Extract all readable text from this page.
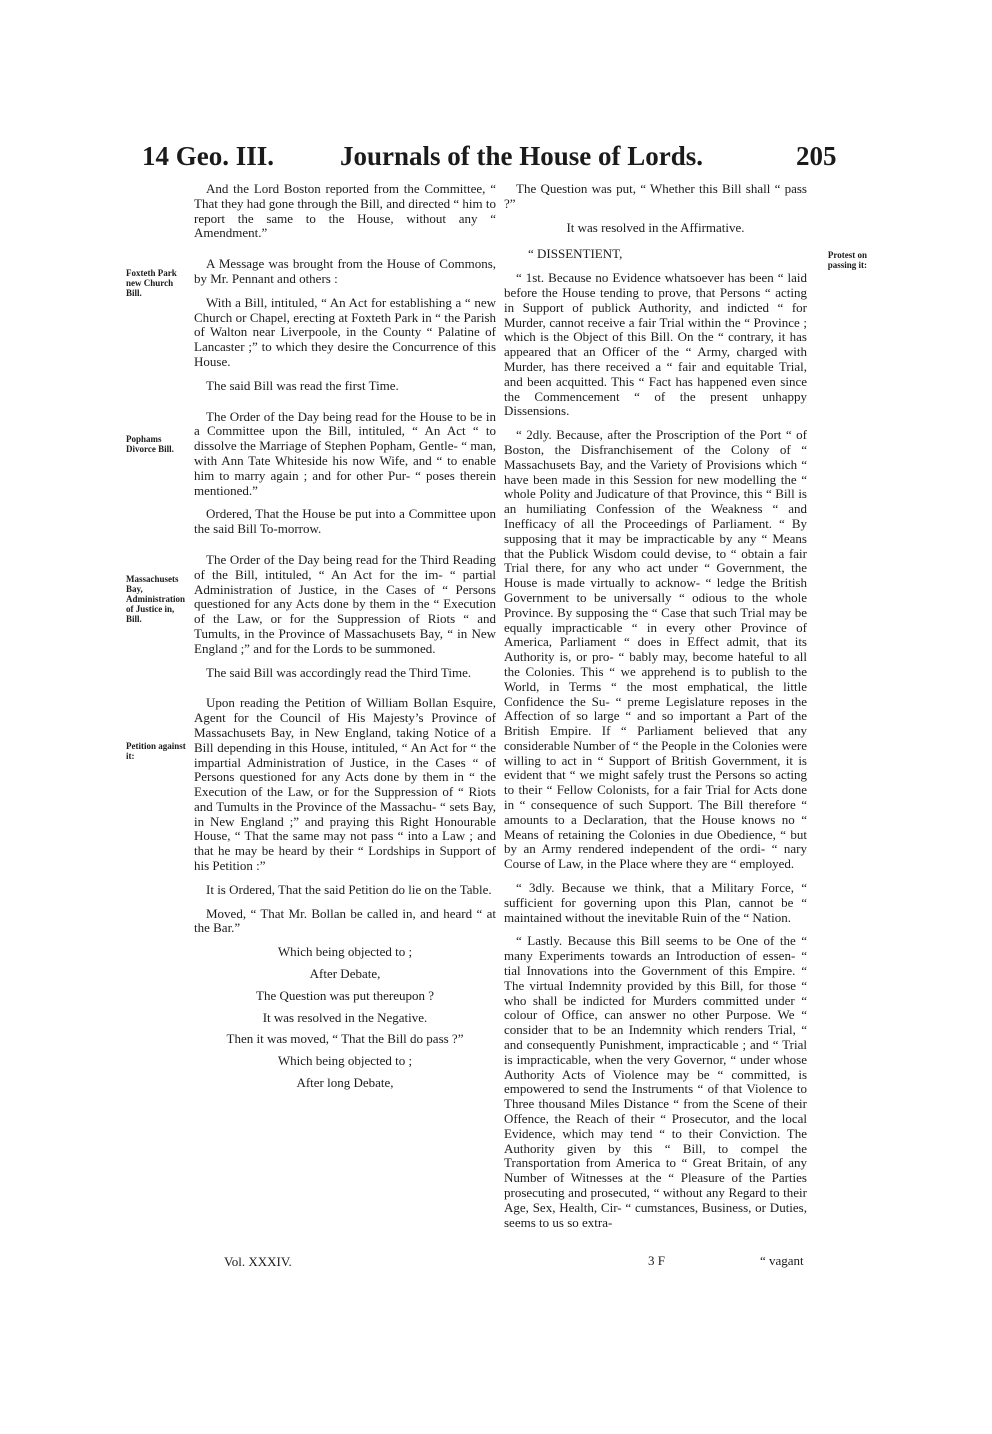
14 Geo. III. Journals of the House of Lords.	205
Foxteth Park new Church Bill.
Pophams Divorce Bill.
Massachusets Bay, Administration of Justice in, Bill.
Petition against it:
Protest on passing it:

And the Lord Boston reported from the Committee, “ That they had gone through the Bill, and directed “ him to report the same to the House, without any “ Amendment.”

A Message was brought from the House of Commons, by Mr. Pennant and others :

With a Bill, intituled, “ An Act for establishing a “ new Church or Chapel, erecting at Foxteth Park in “ the Parish of Walton near Liverpoole, in the County “ Palatine of Lancaster ;” to which they desire the Concurrence of this House.

The said Bill was read the first Time.

The Order of the Day being read for the House to be in a Committee upon the Bill, intituled, “ An Act “ to dissolve the Marriage of Stephen Popham, Gentle- “ man, with Ann Tate Whiteside his now Wife, and “ to enable him to marry again ; and for other Pur- “ poses therein mentioned.”

Ordered, That the House be put into a Committee upon the said Bill To-morrow.

The Order of the Day being read for the Third Reading of the Bill, intituled, “ An Act for the im- “ partial Administration of Justice, in the Cases of “ Persons questioned for any Acts done by them in the “ Execution of the Law, or for the Suppression of Riots “ and Tumults, in the Province of Massachusets Bay, “ in New England ;” and for the Lords to be summoned.

The said Bill was accordingly read the Third Time.

Upon reading the Petition of William Bollan Esquire, Agent for the Council of His Majesty’s Province of Massachusets Bay, in New England, taking Notice of a Bill depending in this House, intituled, “ An Act for “ the impartial Administration of Justice, in the Cases “ of Persons questioned for any Acts done by them in “ the Execution of the Law, or for the Suppression of “ Riots and Tumults in the Province of the Massachu- “ sets Bay, in New England ;” and praying this Right Honourable House, “ That the same may not pass “ into a Law ; and that he may be heard by their “ Lordships in Support of his Petition :”

It is Ordered, That the said Petition do lie on the Table.

Moved, “ That Mr. Bollan be called in, and heard “ at the Bar.”

Which being objected to ;

After Debate,

The Question was put thereupon ?

It was resolved in the Negative.

Then it was moved, “ That the Bill do pass ?”

Which being objected to ;

After long Debate,

The Question was put, “ Whether this Bill shall “ pass ?”

It was resolved in the Affirmative.

“ DISSENTIENT,

“ 1st. Because no Evidence whatsoever has been “ laid before the House tending to prove, that Persons “ acting in Support of publick Authority, and indicted “ for Murder, cannot receive a fair Trial within the “ Province ; which is the Object of this Bill. On the “ contrary, it has appeared that an Officer of the “ Army, charged with Murder, has there received a “ fair and equitable Trial, and been acquitted. This “ Fact has happened even since the Commencement “ of the present unhappy Dissensions.

“ 2dly. Because, after the Proscription of the Port “ of Boston, the Disfranchisement of the Colony of “ Massachusets Bay, and the Variety of Provisions which “ have been made in this Session for new modelling the “ whole Polity and Judicature of that Province, this “ Bill is an humiliating Confession of the Weakness “ and Inefficacy of all the Proceedings of Parliament. “ By supposing that it may be impracticable by any “ Means that the Publick Wisdom could devise, to “ obtain a fair Trial there, for any who act under “ Government, the House is made virtually to acknow- “ ledge the British Government to be universally “ odious to the whole Province. By supposing the “ Case that such Trial may be equally impracticable “ in every other Province of America, Parliament “ does in Effect admit, that its Authority is, or pro- “ bably may, become hateful to all the Colonies. This “ we apprehend is to publish to the World, in Terms “ the most emphatical, the little Confidence the Su- “ preme Legislature reposes in the Affection of so large “ and so important a Part of the British Empire. If “ Parliament believed that any considerable Number of “ the People in the Colonies were willing to act in “ Support of British Government, it is evident that “ we might safely trust the Persons so acting to their “ Fellow Colonists, for a fair Trial for Acts done in “ consequence of such Support. The Bill therefore “ amounts to a Declaration, that the House knows no “ Means of retaining the Colonies in due Obedience, “ but by an Army rendered independent of the ordi- “ nary Course of Law, in the Place where they are “ employed.

“ 3dly. Because we think, that a Military Force, “ sufficient for governing upon this Plan, cannot be “ maintained without the inevitable Ruin of the “ Nation.

“ Lastly. Because this Bill seems to be One of the “ many Experiments towards an Introduction of essen- “ tial Innovations into the Government of this Empire. “ The virtual Indemnity provided by this Bill, for those “ who shall be indicted for Murders committed under “ colour of Office, can answer no other Purpose. We “ consider that to be an Indemnity which renders Trial, “ and consequently Punishment, impracticable ; and “ Trial is impracticable, when the very Governor, “ under whose Authority Acts of Violence may be “ committed, is empowered to send the Instruments “ of that Violence to Three thousand Miles Distance “ from the Scene of their Offence, the Reach of their “ Prosecutor, and the local Evidence, which may tend “ to their Conviction. The Authority given by this “ Bill, to compel the Transportation from America to “ Great Britain, of any Number of Witnesses at the “ Pleasure of the Parties prosecuting and prosecuted, “ without any Regard to their Age, Sex, Health, Cir- “ cumstances, Business, or Duties, seems to us so extra-

Vol. XXXIV.	3 F	“ vagant
